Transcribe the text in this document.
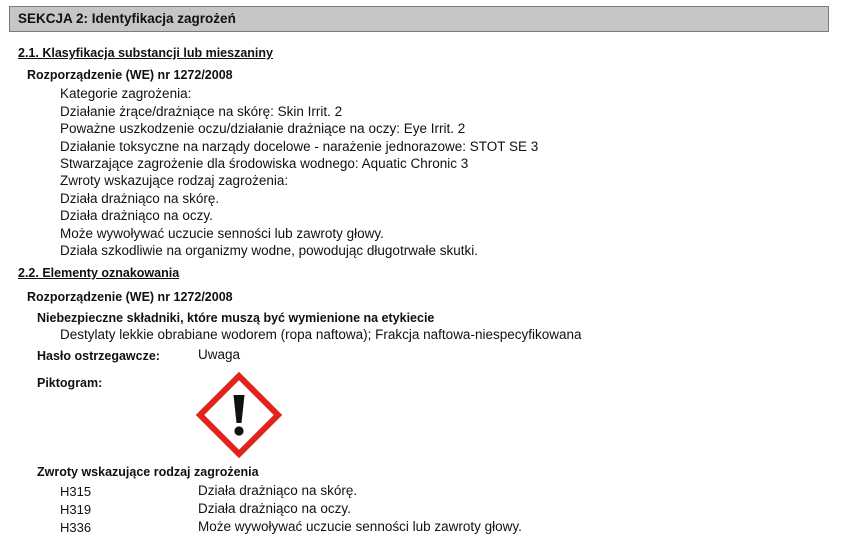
SEKCJA 2: Identyfikacja zagrożeń
2.1. Klasyfikacja substancji lub mieszaniny
Rozporządzenie (WE) nr 1272/2008
Kategorie zagrożenia:
Działanie żrące/drażniące na skórę: Skin Irrit. 2
Poważne uszkodzenie oczu/działanie drażniące na oczy: Eye Irrit. 2
Działanie toksyczne na narządy docelowe - narażenie jednorazowe: STOT SE 3
Stwarzające zagrożenie dla środowiska wodnego: Aquatic Chronic 3
Zwroty wskazujące rodzaj zagrożenia:
Działa drażniąco na skórę.
Działa drażniąco na oczy.
Może wywoływać uczucie senności lub zawroty głowy.
Działa szkodliwie na organizmy wodne, powodując długotrwałe skutki.
2.2. Elementy oznakowania
Rozporządzenie (WE) nr 1272/2008
Niebezpieczne składniki, które muszą być wymienione na etykiecie
Destylaty lekkie obrabiane wodorem (ropa naftowa); Frakcja naftowa-niespecyfikowana
Hasło ostrzegawcze:	Uwaga
Piktogram:
Zwroty wskazujące rodzaj zagrożenia
H315	Działa drażniąco na skórę.
H319	Działa drażniąco na oczy.
H336	Może wywoływać uczucie senności lub zawroty głowy.
